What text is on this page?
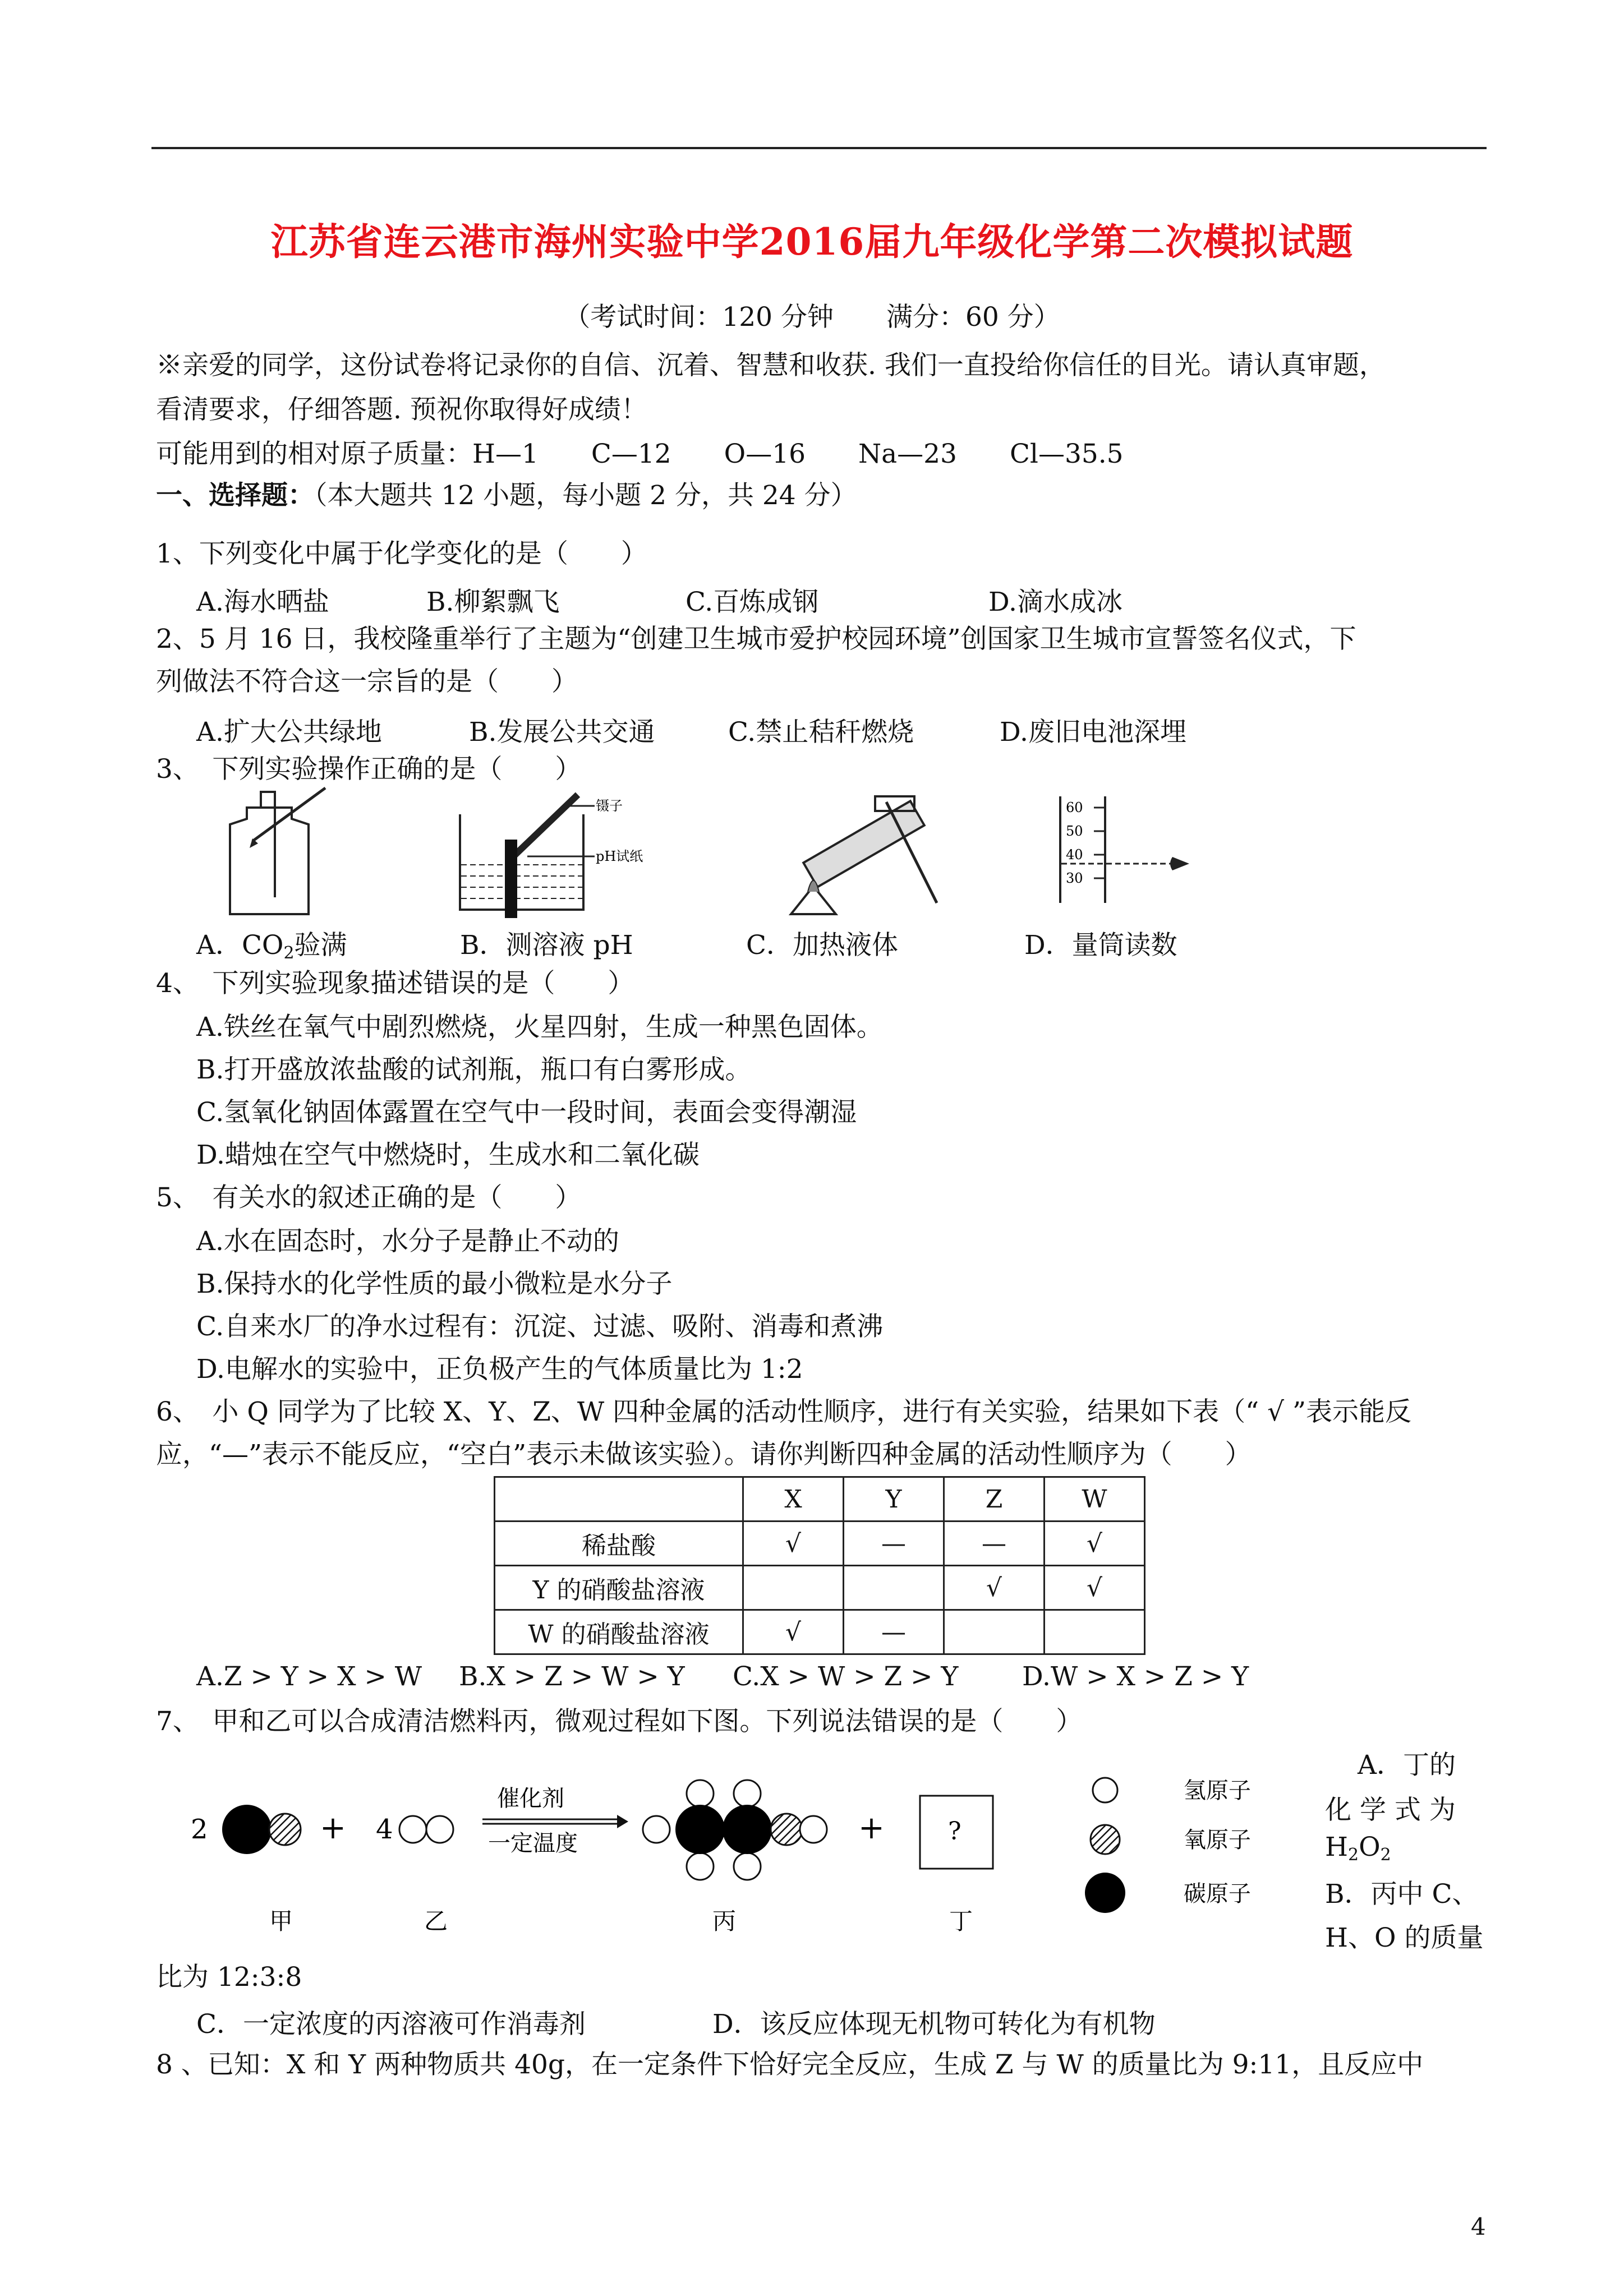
江苏省连云港市海州实验中学2016届九年级化学第二次模拟试题
（考试时间：120 分钟　　满分：60 分）
※亲爱的同学，这份试卷将记录你的自信、沉着、智慧和收获. 我们一直投给你信任的目光。请认真审题，
看清要求，仔细答题. 预祝你取得好成绩！
可能用到的相对原子质量：H—1　　C—12　　O—16　　Na—23　　Cl—35.5
一、选择题：（本大题共 12 小题，每小题 2 分，共 24 分）
1、下列变化中属于化学变化的是（　　）
A.海水晒盐	B.柳絮飘飞	C.百炼成钢	D.滴水成冰
2、5 月 16 日，我校隆重举行了主题为“创建卫生城市爱护校园环境”创国家卫生城市宣誓签名仪式，下
列做法不符合这一宗旨的是（　　）
A.扩大公共绿地	B.发展公共交通	C.禁止秸秆燃烧	D.废旧电池深埋
3、　下列实验操作正确的是（　　）
镊子
pH试纸
60
50
40
30
A．$CO_2$验满	B．测溶液 pH	C．加热液体	D．量筒读数
4、　下列实验现象描述错误的是（　　）
A.铁丝在氧气中剧烈燃烧，火星四射，生成一种黑色固体。
B.打开盛放浓盐酸的试剂瓶，瓶口有白雾形成。
C.氢氧化钠固体露置在空气中一段时间，表面会变得潮湿
D.蜡烛在空气中燃烧时，生成水和二氧化碳
5、　有关水的叙述正确的是（　　）
A.水在固态时，水分子是静止不动的
B.保持水的化学性质的最小微粒是水分子
C.自来水厂的净水过程有：沉淀、过滤、吸附、消毒和煮沸
D.电解水的实验中，正负极产生的气体质量比为 1:2
6、　小 Q 同学为了比较 X、Y、Z、W 四种金属的活动性顺序，进行有关实验，结果如下表（“ √ ”表示能反
应，“—”表示不能反应，“空白”表示未做该实验）。请你判断四种金属的活动性顺序为（　　）
	X	Y	Z	W
稀盐酸	√	—	—	√
Y 的硝酸盐溶液			√	√
W 的硝酸盐溶液	√	—		
A.Z > Y > X > W B.X > Z > W > Y C.X > W > Z > Y D.W > X > Z > Y
7、　甲和乙可以合成清洁燃料丙，微观过程如下图。下列说法错误的是（　　）
2	+ 4
催化剂
一定温度	+	?
氢原子
氧原子
碳原子
甲	乙	丙	丁
A．丁的
化 学 式 为
$H_2O_2$
B．丙中 C、
H、O 的质量
比为 12:3:8
C．一定浓度的丙溶液可作消毒剂	D．该反应体现无机物可转化为有机物
8 、已知：X 和 Y 两种物质共 40g，在一定条件下恰好完全反应，生成 Z 与 W 的质量比为 9:11，且反应中
4
